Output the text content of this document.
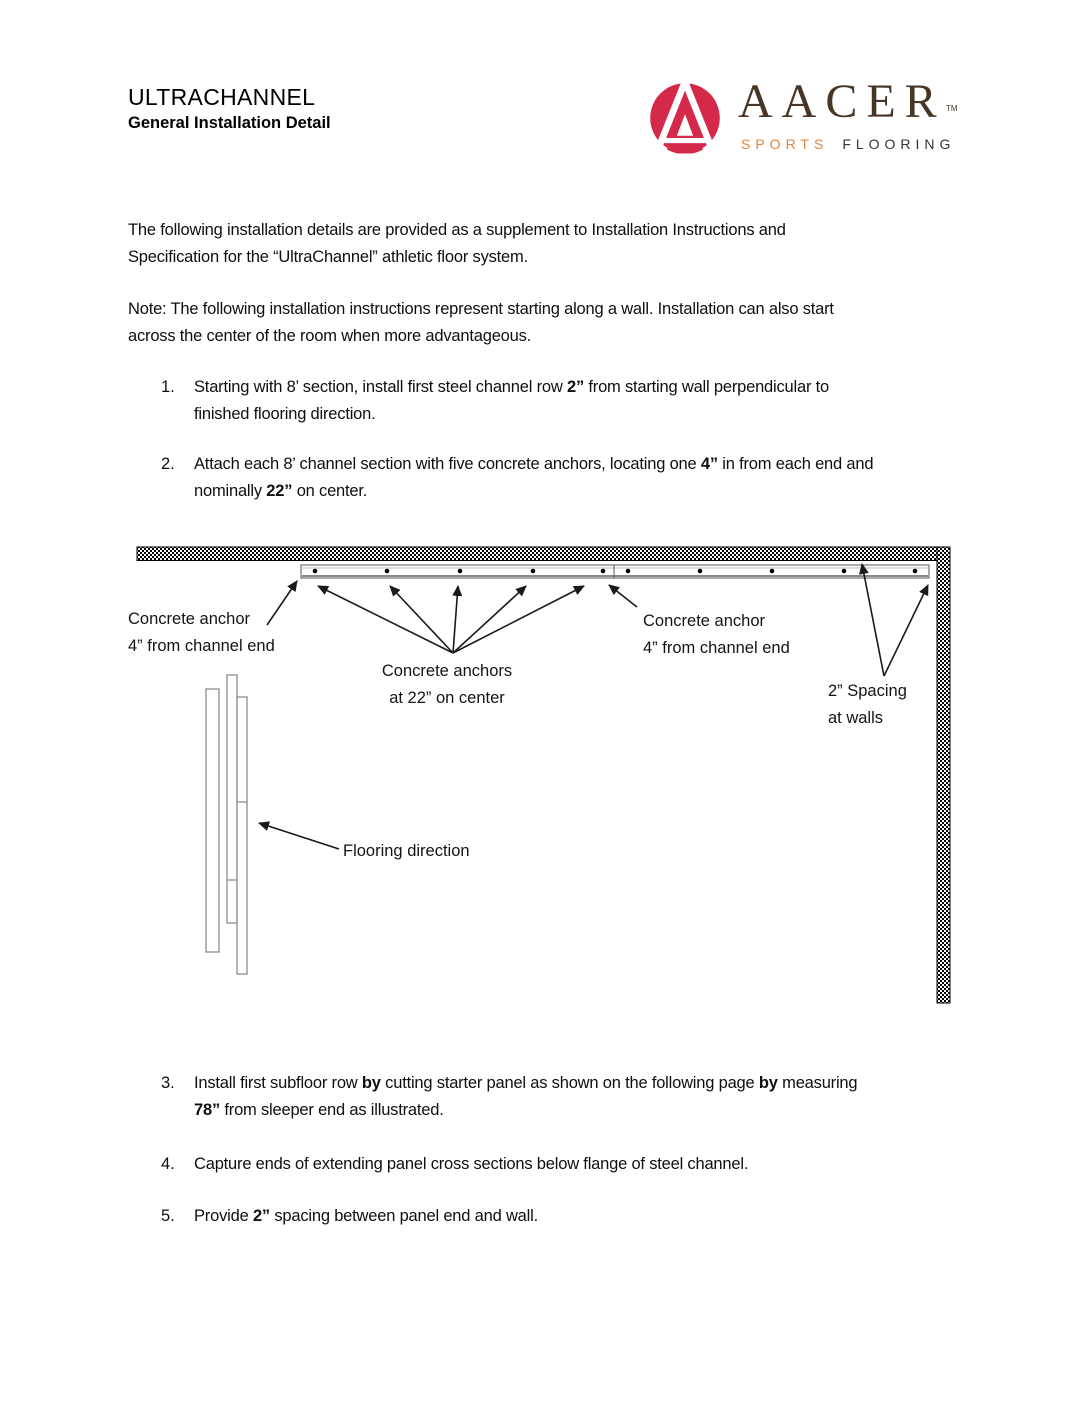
ULTRACHANNEL
General Installation Detail	AACER TM
SPORTS FLOORING
The following installation details are provided as a supplement to Installation Instructions and
Specification for the “UltraChannel” athletic floor system.
Note: The following installation instructions represent starting along a wall. Installation can also start
across the center of the room when more advantageous.
1. Starting with 8’ section, install first steel channel row 2” from starting wall perpendicular to
finished flooring direction.
2. Attach each 8’ channel section with five concrete anchors, locating one 4” in from each end and
nominally 22” on center.
Concrete anchor
4” from channel end
Concrete anchors
at 22” on center
Concrete anchor
4” from channel end
2” Spacing
at walls
Flooring direction
3. Install first subfloor row by cutting starter panel as shown on the following page by measuring
78” from sleeper end as illustrated.
4. Capture ends of extending panel cross sections below flange of steel channel.
5. Provide 2” spacing between panel end and wall.
